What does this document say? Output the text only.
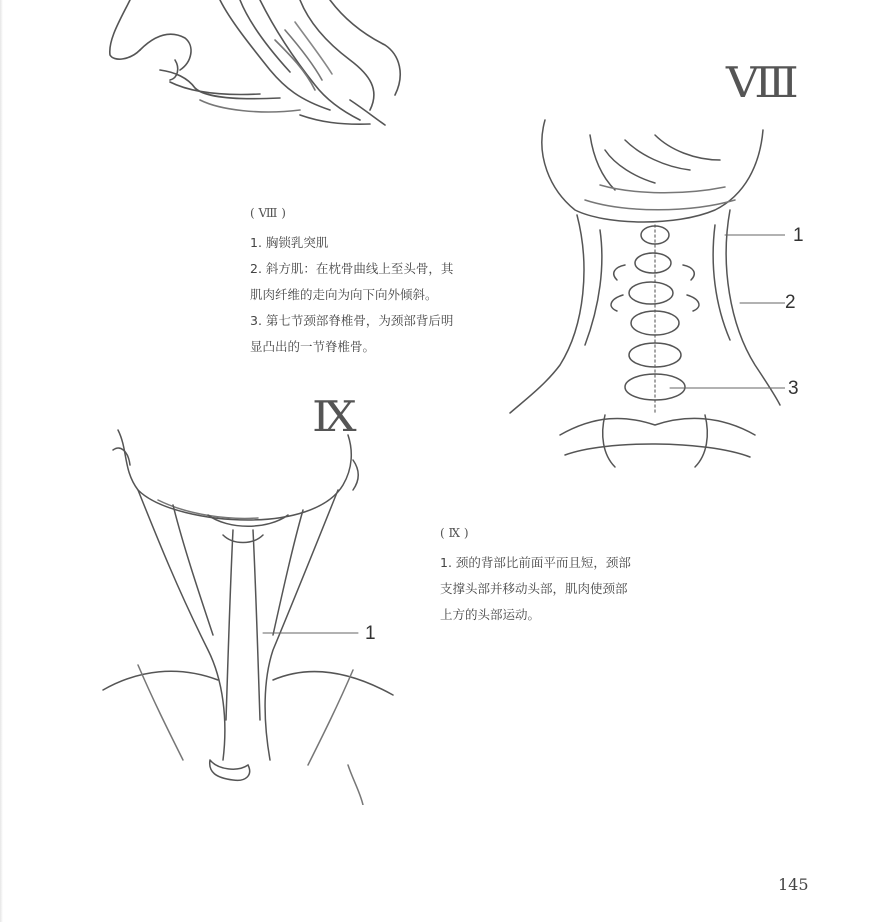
Ⅷ
1
2
3
( Ⅷ )

1. 胸锁乳突肌

2. 斜方肌：在枕骨曲线上至头骨，其

肌肉纤维的走向为向下向外倾斜。

3. 第七节颈部脊椎骨，为颈部背后明

显凸出的一节脊椎骨。

Ⅸ
1
( Ⅸ )

1. 颈的背部比前面平而且短，颈部

支撑头部并移动头部，肌肉使颈部

上方的头部运动。

145
